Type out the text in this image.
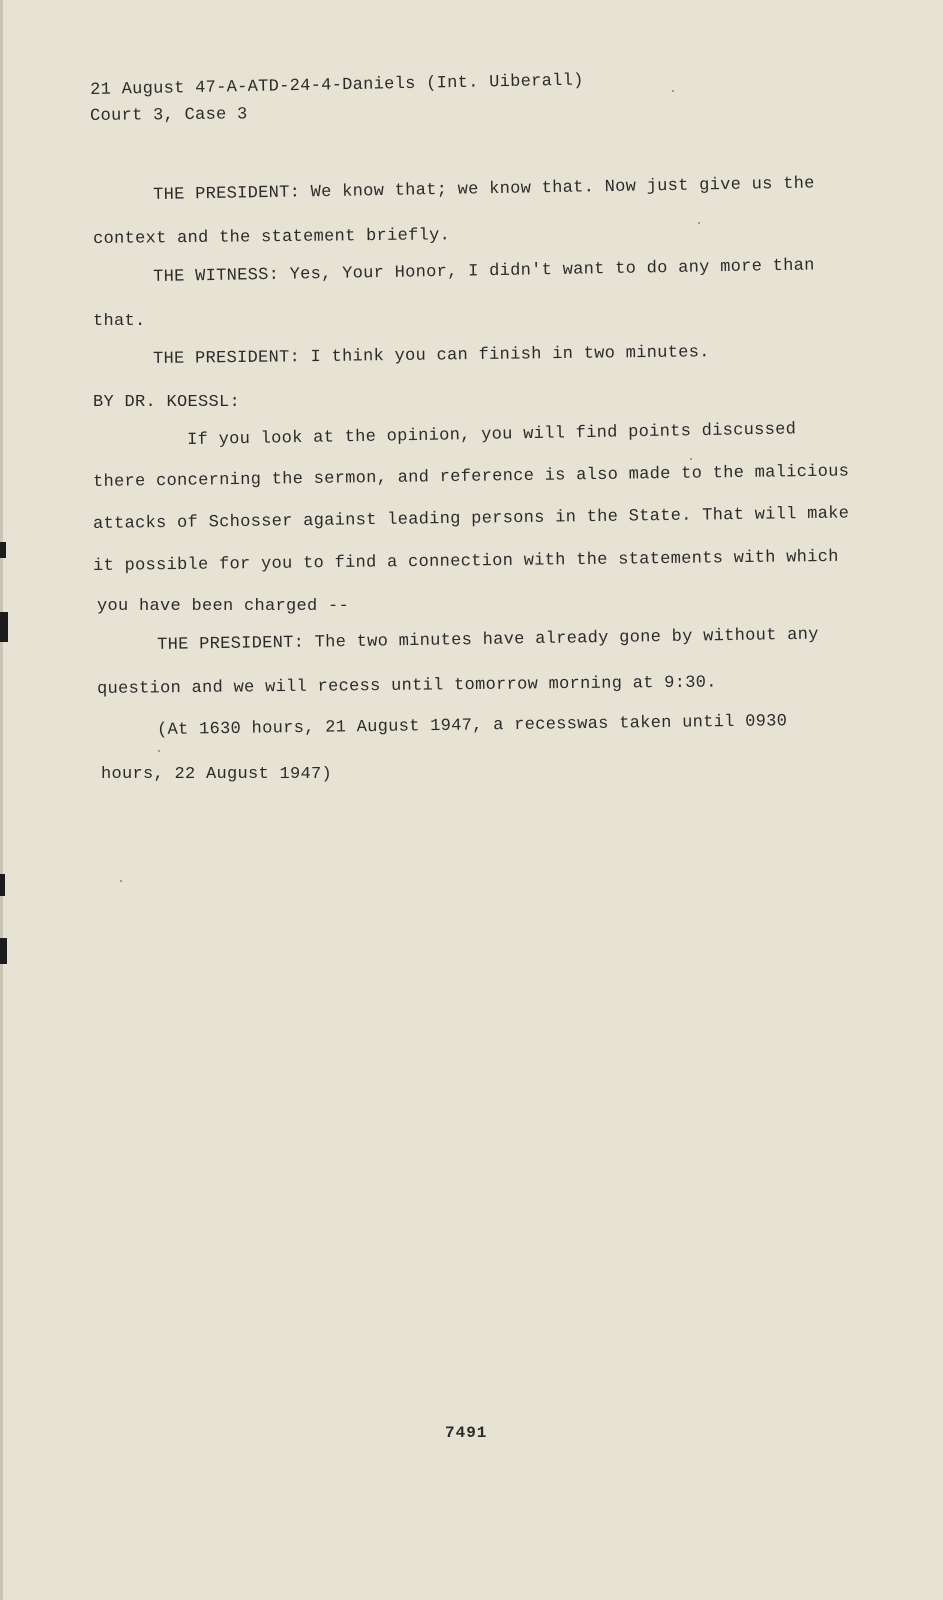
21 August 47-A-ATD-24-4-Daniels (Int. Uiberall)
Court 3, Case 3
THE PRESIDENT: We know that; we know that. Now just give us the
context and the statement briefly.
THE WITNESS: Yes, Your Honor, I didn't want to do any more than
that.
THE PRESIDENT: I think you can finish in two minutes.
BY DR. KOESSL:
If you look at the opinion, you will find points discussed
there concerning the sermon, and reference is also made to the malicious
attacks of Schosser against leading persons in the State. That will make
it possible for you to find a connection with the statements with which
you have been charged --
THE PRESIDENT: The two minutes have already gone by without any
question and we will recess until tomorrow morning at 9:30.
(At 1630 hours, 21 August 1947, a recesswas taken until 0930
hours, 22 August 1947)
7491
